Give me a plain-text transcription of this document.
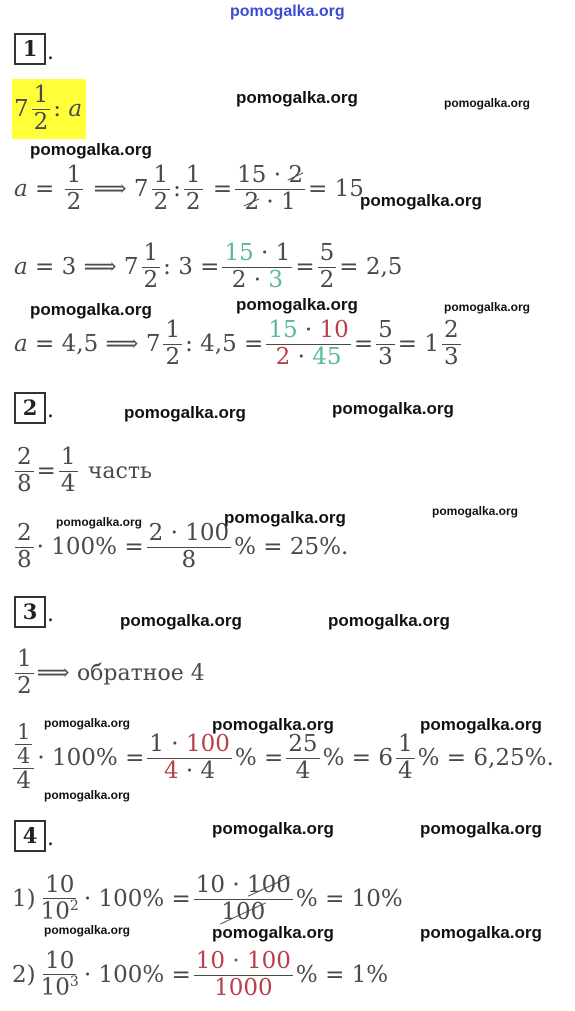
pomogalka.org
pomogalka.org	pomogalka.org
pomogalka.org
pomogalka.org
pomogalka.org	pomogalka.org	pomogalka.org
pomogalka.org	pomogalka.org
pomogalka.org	pomogalka.org	pomogalka.org
pomogalka.org	pomogalka.org
pomogalka.org	pomogalka.org	pomogalka.org
pomogalka.org
pomogalka.org	pomogalka.org
pomogalka.org	pomogalka.org	pomogalka.org
1 .
$7 \frac{1}{2}$ :
a
a
=
$\frac{1}{2}$
⟹
$7 \frac{1}{2}$ : $\frac{1}{2}$
= $\frac{15 \cdot 2}{2 \cdot 1}$ =
15
a
=
3
⟹
$7 \frac{1}{2}$ :
3
= $\frac{15 \cdot 1}{2 \cdot 3} = \frac{5}{2}$ =
2,5
a
=
4,5
⟹
$7 \frac{1}{2}$ :
4,5
= $\frac{15 \cdot 10}{2 \cdot 45} = \frac{5}{3}$ =
$1 \frac{2}{3}$
2 .
$\frac{2}{8} = \frac{1}{4}$
часть
$\frac{2}{8}$ ·
100%
= $\frac{2 \cdot 100}{8}$ % = 25%.
3 .
$\frac{1}{2}$ ⟹
обратное 4
$\frac{\frac{1}{4}}{4}$ ·
100%
= $\frac{1 \cdot 100}{4 \cdot 4}$ %
= $\frac{25}{4}$ %
=
$6 \frac{1}{4}$ % = 6,25%.
4 .
$1) \frac{10}{10^2}$ ·
100%
= $\frac{10 \cdot 100}{100}$ % = 10%
$2) \frac{10}{10^3}$ ·
100%
= $\frac{10 \cdot 100}{1000}$ % = 1%
